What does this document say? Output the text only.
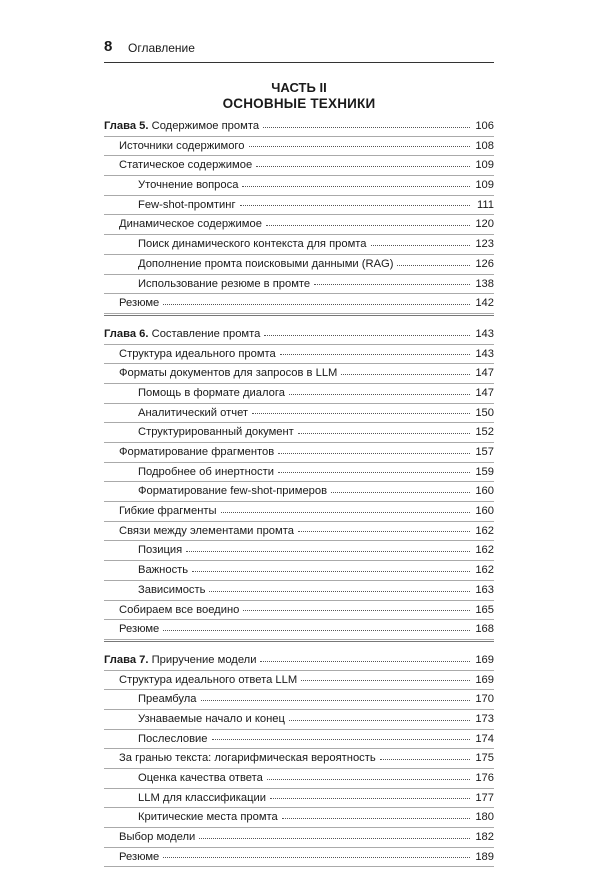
8 Оглавление
ЧАСТЬ II
ОСНОВНЫЕ ТЕХНИКИ
Глава 5. Содержимое промта	106
Источники содержимого	108
Статическое содержимое	109
Уточнение вопроса	109
Few-shot-промтинг	111
Динамическое содержимое	120
Поиск динамического контекста для промта	123
Дополнение промта поисковыми данными (RAG)	126
Использование резюме в промте	138
Резюме	142
Глава 6. Составление промта	143
Структура идеального промта	143
Форматы документов для запросов в LLM	147
Помощь в формате диалога	147
Аналитический отчет	150
Структурированный документ	152
Форматирование фрагментов	157
Подробнее об инертности	159
Форматирование few-shot-примеров	160
Гибкие фрагменты	160
Связи между элементами промта	162
Позиция	162
Важность	162
Зависимость	163
Собираем все воедино	165
Резюме	168
Глава 7. Приручение модели	169
Структура идеального ответа LLM	169
Преамбула	170
Узнаваемые начало и конец	173
Послесловие	174
За гранью текста: логарифмическая вероятность	175
Оценка качества ответа	176
LLM для классификации	177
Критические места промта	180
Выбор модели	182
Резюме	189
